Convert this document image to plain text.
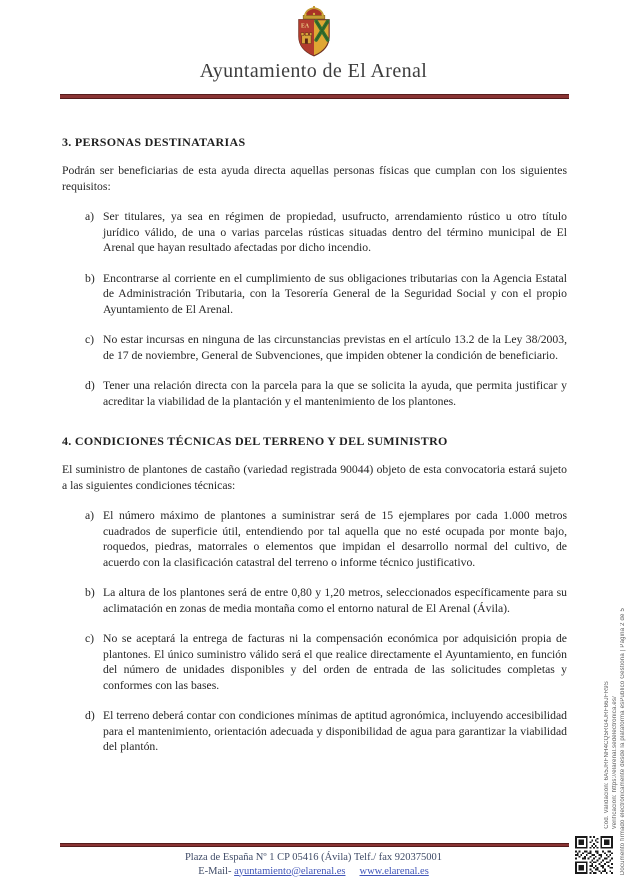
EA
Ayuntamiento de El Arenal
3. PERSONAS DESTINATARIAS
Podrán ser beneficiarias de esta ayuda directa aquellas personas físicas que cumplan con los siguientes requisitos:
a) Ser titulares, ya sea en régimen de propiedad, usufructo, arrendamiento rústico u otro título jurídico válido, de una o varias parcelas rústicas situadas dentro del término municipal de El Arenal que hayan resultado afectadas por dicho incendio.
b) Encontrarse al corriente en el cumplimiento de sus obligaciones tributarias con la Agencia Estatal de Administración Tributaria, con la Tesorería General de la Seguridad Social y con el propio Ayuntamiento de El Arenal.
c) No estar incursas en ninguna de las circunstancias previstas en el artículo 13.2 de la Ley 38/2003, de 17 de noviembre, General de Subvenciones, que impiden obtener la condición de beneficiario.
d) Tener una relación directa con la parcela para la que se solicita la ayuda, que permita justificar y acreditar la viabilidad de la plantación y el mantenimiento de los plantones.
4. CONDICIONES TÉCNICAS DEL TERRENO Y DEL SUMINISTRO
El suministro de plantones de castaño (variedad registrada 90044) objeto de esta convocatoria estará sujeto a las siguientes condiciones técnicas:
a) El número máximo de plantones a suministrar será de 15 ejemplares por cada 1.000 metros cuadrados de superficie útil, entendiendo por tal aquella que no esté ocupada por monte bajo, roquedos, piedras, matorrales o elementos que impidan el desarrollo normal del cultivo, de acuerdo con la clasificación catastral del terreno o informe técnico justificativo.
b) La altura de los plantones será de entre 0,80 y 1,20 metros, seleccionados específicamente para su aclimatación en zonas de media montaña como el entorno natural de El Arenal (Ávila).
c) No se aceptará la entrega de facturas ni la compensación económica por adquisición propia de plantones. El único suministro válido será el que realice directamente el Ayuntamiento, en función del número de unidades disponibles y del orden de entrada de las solicitudes completas y conformes con las bases.
d) El terreno deberá contar con condiciones mínimas de aptitud agronómica, incluyendo accesibilidad para el mantenimiento, orientación adecuada y disponibilidad de agua para garantizar la viabilidad del plantón.
Plaza de España Nº 1 CP 05416 (Ávila) Telf./ fax 920375001
E-Mail- ayuntamiento@elarenal.es www.elarenal.es
Cód. Validación: 6A5JRFNH4CQ5RG4JRF66JFR9S Verificación: https://elarenal.sedelectronica.es/ Documento firmado electrónicamente desde la plataforma esPublico Gestiona | Página 2 de 5
